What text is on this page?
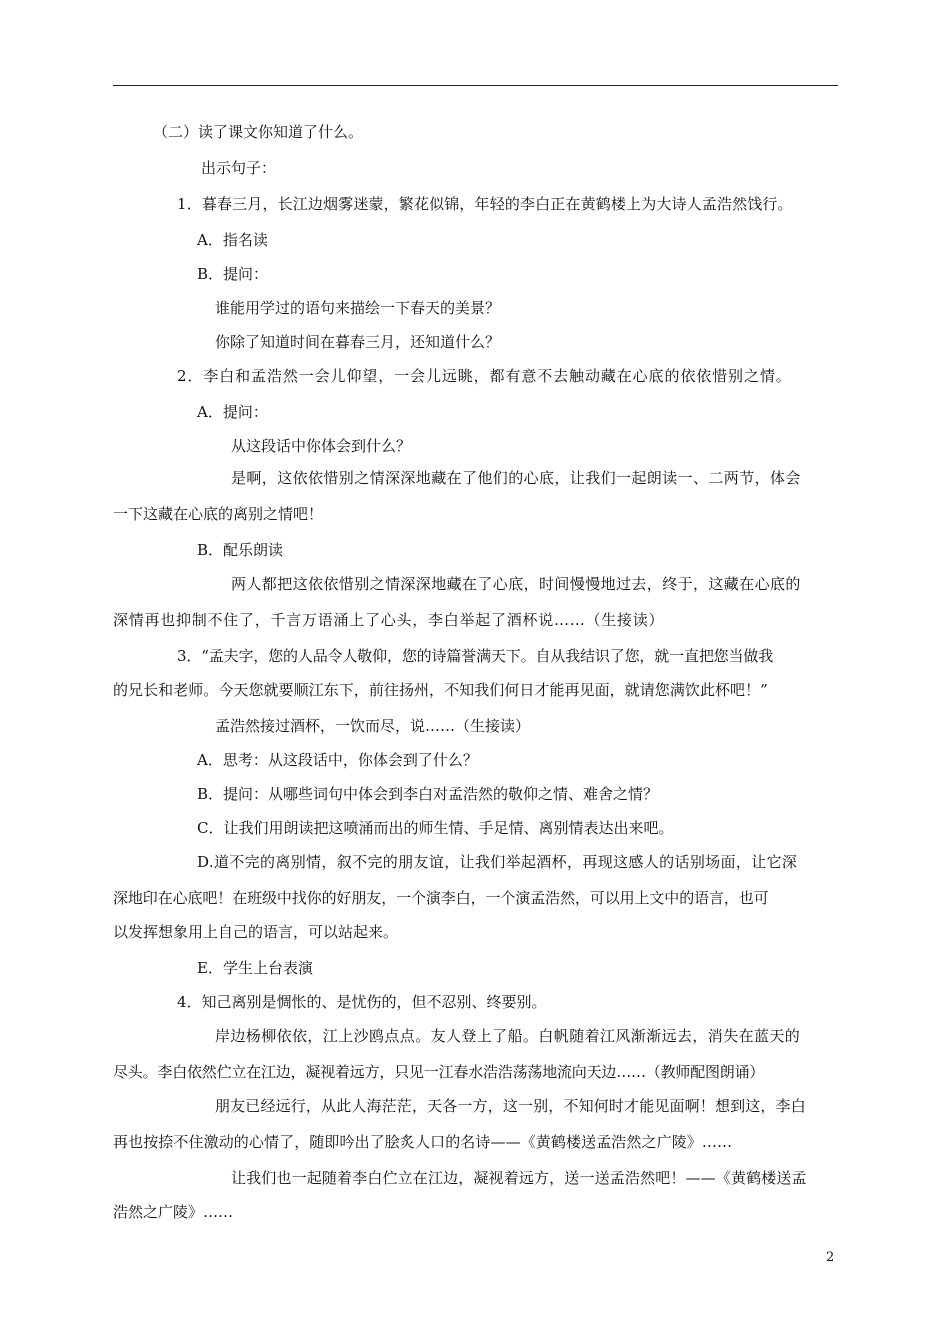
（二）读了课文你知道了什么。
出示句子：
1．暮春三月，长江边烟雾迷蒙，繁花似锦，年轻的李白正在黄鹤楼上为大诗人孟浩然饯行。
A．指名读
B．提问：
谁能用学过的语句来描绘一下春天的美景？
你除了知道时间在暮春三月，还知道什么？
2．李白和孟浩然一会儿仰望，一会儿远眺，都有意不去触动藏在心底的依依惜别之情。
A．提问：
从这段话中你体会到什么？
是啊，这依依惜别之情深深地藏在了他们的心底，让我们一起朗读一、二两节，体会
一下这藏在心底的离别之情吧！
B．配乐朗读
两人都把这依依惜别之情深深地藏在了心底，时间慢慢地过去，终于，这藏在心底的
深情再也抑制不住了，千言万语涌上了心头，李白举起了酒杯说……（生接读）
3．“孟夫字，您的人品令人敬仰，您的诗篇誉满天下。自从我结识了您，就一直把您当做我
的兄长和老师。今天您就要顺江东下，前往扬州，不知我们何日才能再见面，就请您满饮此杯吧！”
孟浩然接过酒杯，一饮而尽，说……（生接读）
A．思考：从这段话中，你体会到了什么？
B．提问：从哪些词句中体会到李白对孟浩然的敬仰之情、难舍之情？
C．让我们用朗读把这喷涌而出的师生情、手足情、离别情表达出来吧。
D.道不完的离别情，叙不完的朋友谊，让我们举起酒杯，再现这感人的话别场面，让它深
深地印在心底吧！在班级中找你的好朋友，一个演李白，一个演孟浩然，可以用上文中的语言，也可
以发挥想象用上自己的语言，可以站起来。
E．学生上台表演
4．知己离别是惆怅的、是忧伤的，但不忍别、终要别。
岸边杨柳依依，江上沙鸥点点。友人登上了船。白帆随着江风渐渐远去，消失在蓝天的
尽头。李白依然伫立在江边，凝视着远方，只见一江春水浩浩荡荡地流向天边……（教师配图朗诵）
朋友已经远行，从此人海茫茫，天各一方，这一别，不知何时才能见面啊！想到这，李白
再也按捺不住激动的心情了，随即吟出了脍炙人口的名诗——《黄鹤楼送孟浩然之广陵》……
让我们也一起随着李白伫立在江边，凝视着远方，送一送孟浩然吧！——《黄鹤楼送孟
浩然之广陵》……
2
